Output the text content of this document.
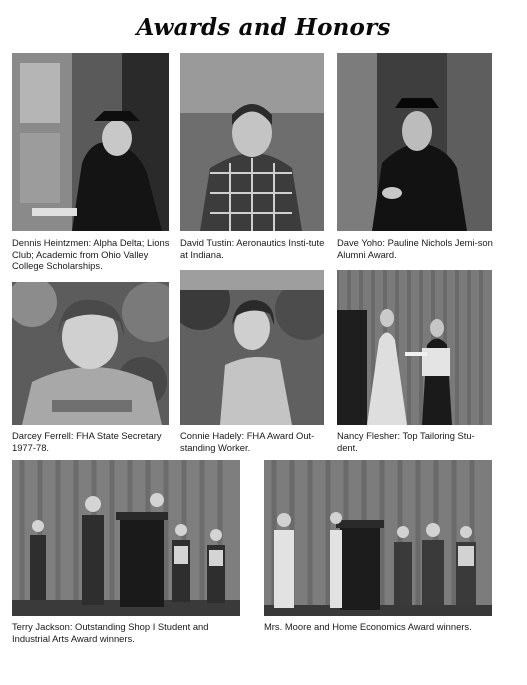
Awards and Honors
Dennis Heintzmen: Alpha Delta; Lions Club; Academic from Ohio Valley College Scholarships.
David Tustin: Aeronautics Insti-tute at Indiana.
Dave Yoho: Pauline Nichols Jemi-son Alumni Award.
Darcey Ferrell: FHA State Secretary 1977-78.
Connie Hadely: FHA Award Out-standing Worker.
Nancy Flesher: Top Tailoring Stu-dent.
Terry Jackson: Outstanding Shop I Student and Industrial Arts Award winners.
Mrs. Moore and Home Economics Award winners.
